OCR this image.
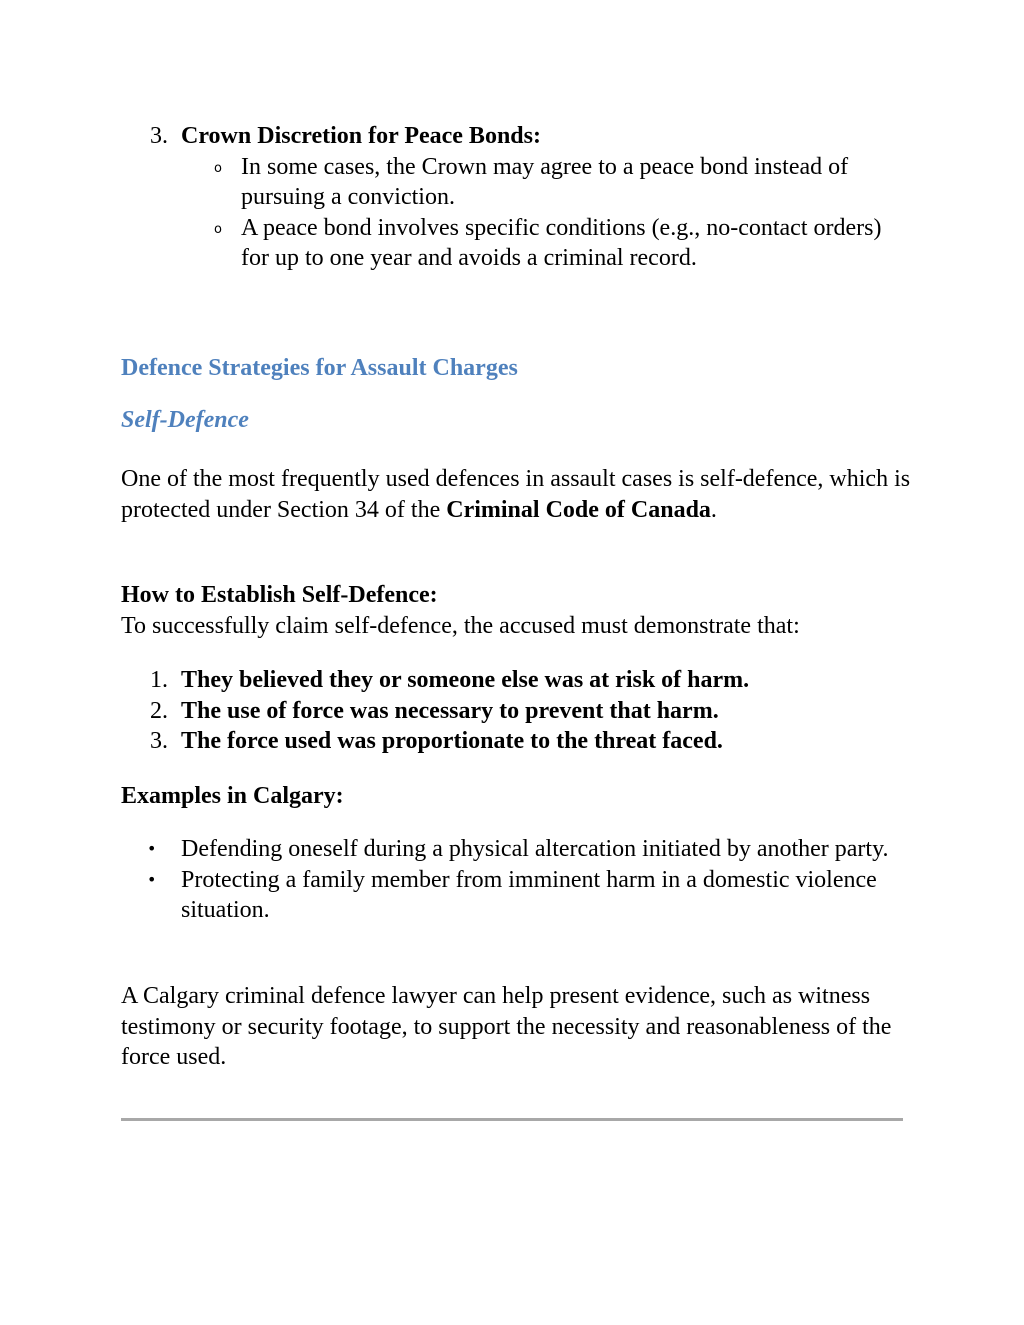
3. Crown Discretion for Peace Bonds:
o In some cases, the Crown may agree to a peace bond instead of pursuing a conviction.
o A peace bond involves specific conditions (e.g., no-contact orders) for up to one year and avoids a criminal record.
Defence Strategies for Assault Charges
Self-Defence
One of the most frequently used defences in assault cases is self-defence, which is protected under Section 34 of the Criminal Code of Canada.
How to Establish Self-Defence:
To successfully claim self-defence, the accused must demonstrate that:
1. They believed they or someone else was at risk of harm.
2. The use of force was necessary to prevent that harm.
3. The force used was proportionate to the threat faced.
Examples in Calgary:
• Defending oneself during a physical altercation initiated by another party.
• Protecting a family member from imminent harm in a domestic violence situation.
A Calgary criminal defence lawyer can help present evidence, such as witness testimony or security footage, to support the necessity and reasonableness of the force used.
